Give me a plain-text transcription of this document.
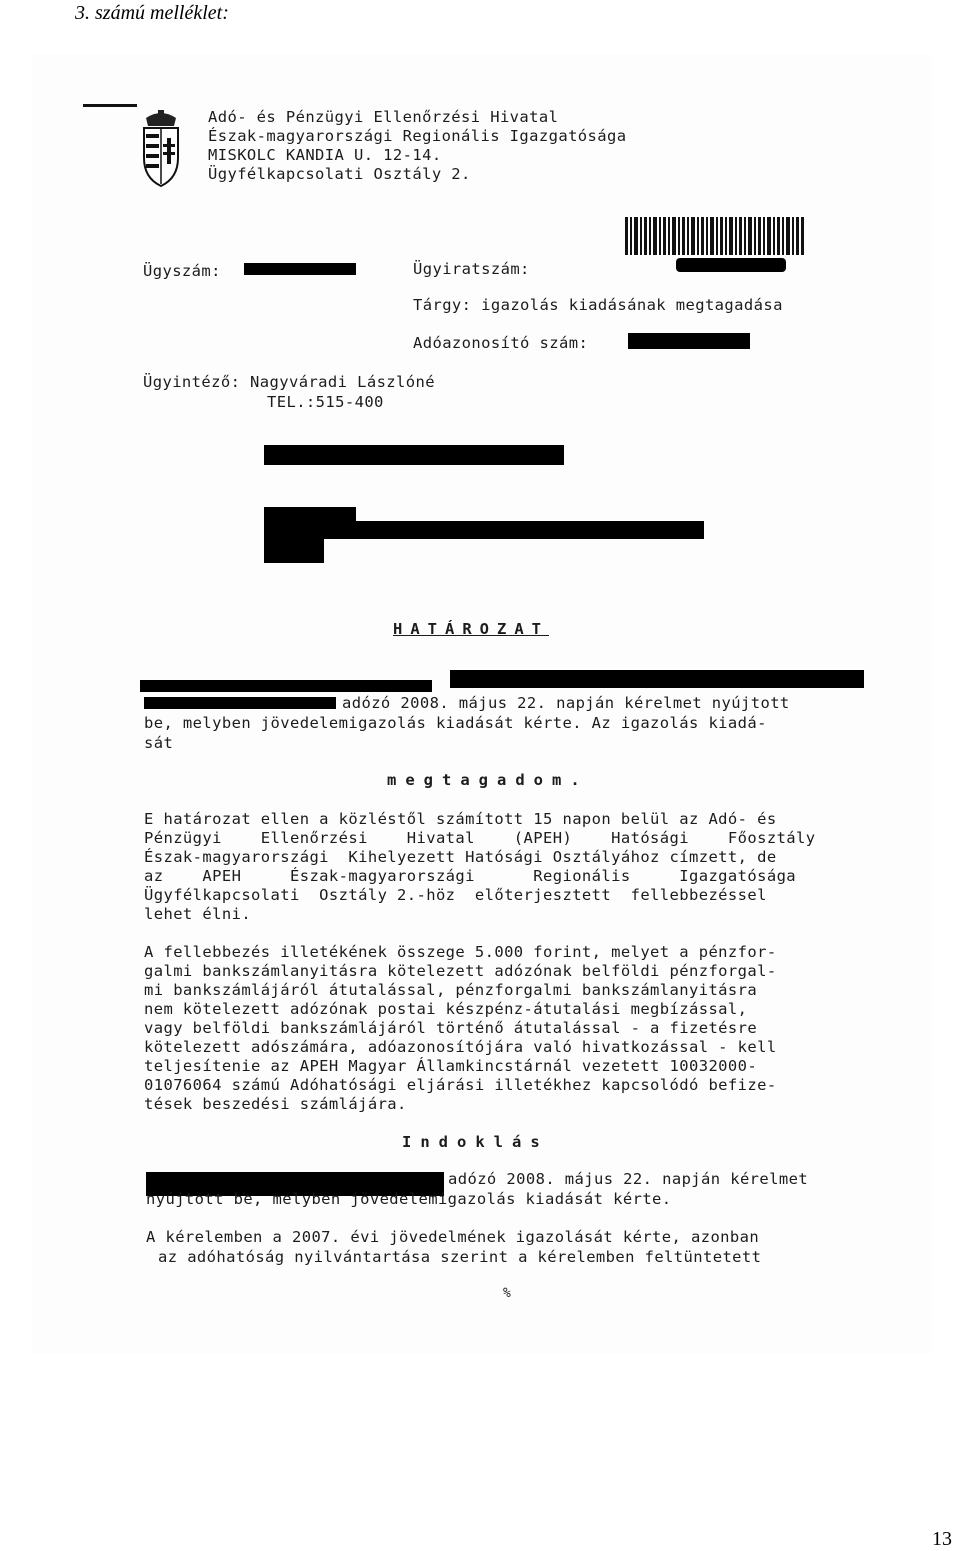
3. számú melléklet:

Adó- és Pénzügyi Ellenőrzési Hivatal

Észak-magyarországi Regionális Igazgatósága

MISKOLC KANDIA U. 12-14.

Ügyfélkapcsolati Osztály 2.

Ügyszám:

	Ügyiratszám:

Tárgy: igazolás kiadásának megtagadása

Adóazonosító szám:

Ügyintéző: Nagyváradi Lászlóné

TEL.:515-400

HATÁROZAT

adózó 2008. május 22. napján kérelmet nyújtott

be, melyben jövedelemigazolás kiadását kérte. Az igazolás kiadá-

sát

megtagadom.

E határozat ellen a közléstől számított 15 napon belül az Adó- és

Pénzügyi    Ellenőrzési    Hivatal    (APEH)    Hatósági    Főosztály

Észak-magyarországi  Kihelyezett Hatósági Osztályához címzett, de

az    APEH     Észak-magyarországi      Regionális     Igazgatósága

Ügyfélkapcsolati  Osztály 2.-höz  előterjesztett  fellebbezéssel

lehet élni.

A fellebbezés illetékének összege 5.000 forint, melyet a pénzfor-

galmi bankszámlanyitásra kötelezett adózónak belföldi pénzforgal-

mi bankszámlájáról átutalással, pénzforgalmi bankszámlanyitásra

nem kötelezett adózónak postai készpénz-átutalási megbízással,

vagy belföldi bankszámlájáról történő átutalással - a fizetésre

kötelezett adószámára, adóazonosítójára való hivatkozással - kell

teljesítenie az APEH Magyar Államkincstárnál vezetett 10032000-

01076064 számú Adóhatósági eljárási illetékhez kapcsolódó befize-

tések beszedési számlájára.

Indoklás

adózó 2008. május 22. napján kérelmet

nyújtott be, melyben jövedelemigazolás kiadását kérte.

A kérelemben a 2007. évi jövedelmének igazolását kérte, azonban

az adóhatóság nyilvántartása szerint a kérelemben feltüntetett

%

13
